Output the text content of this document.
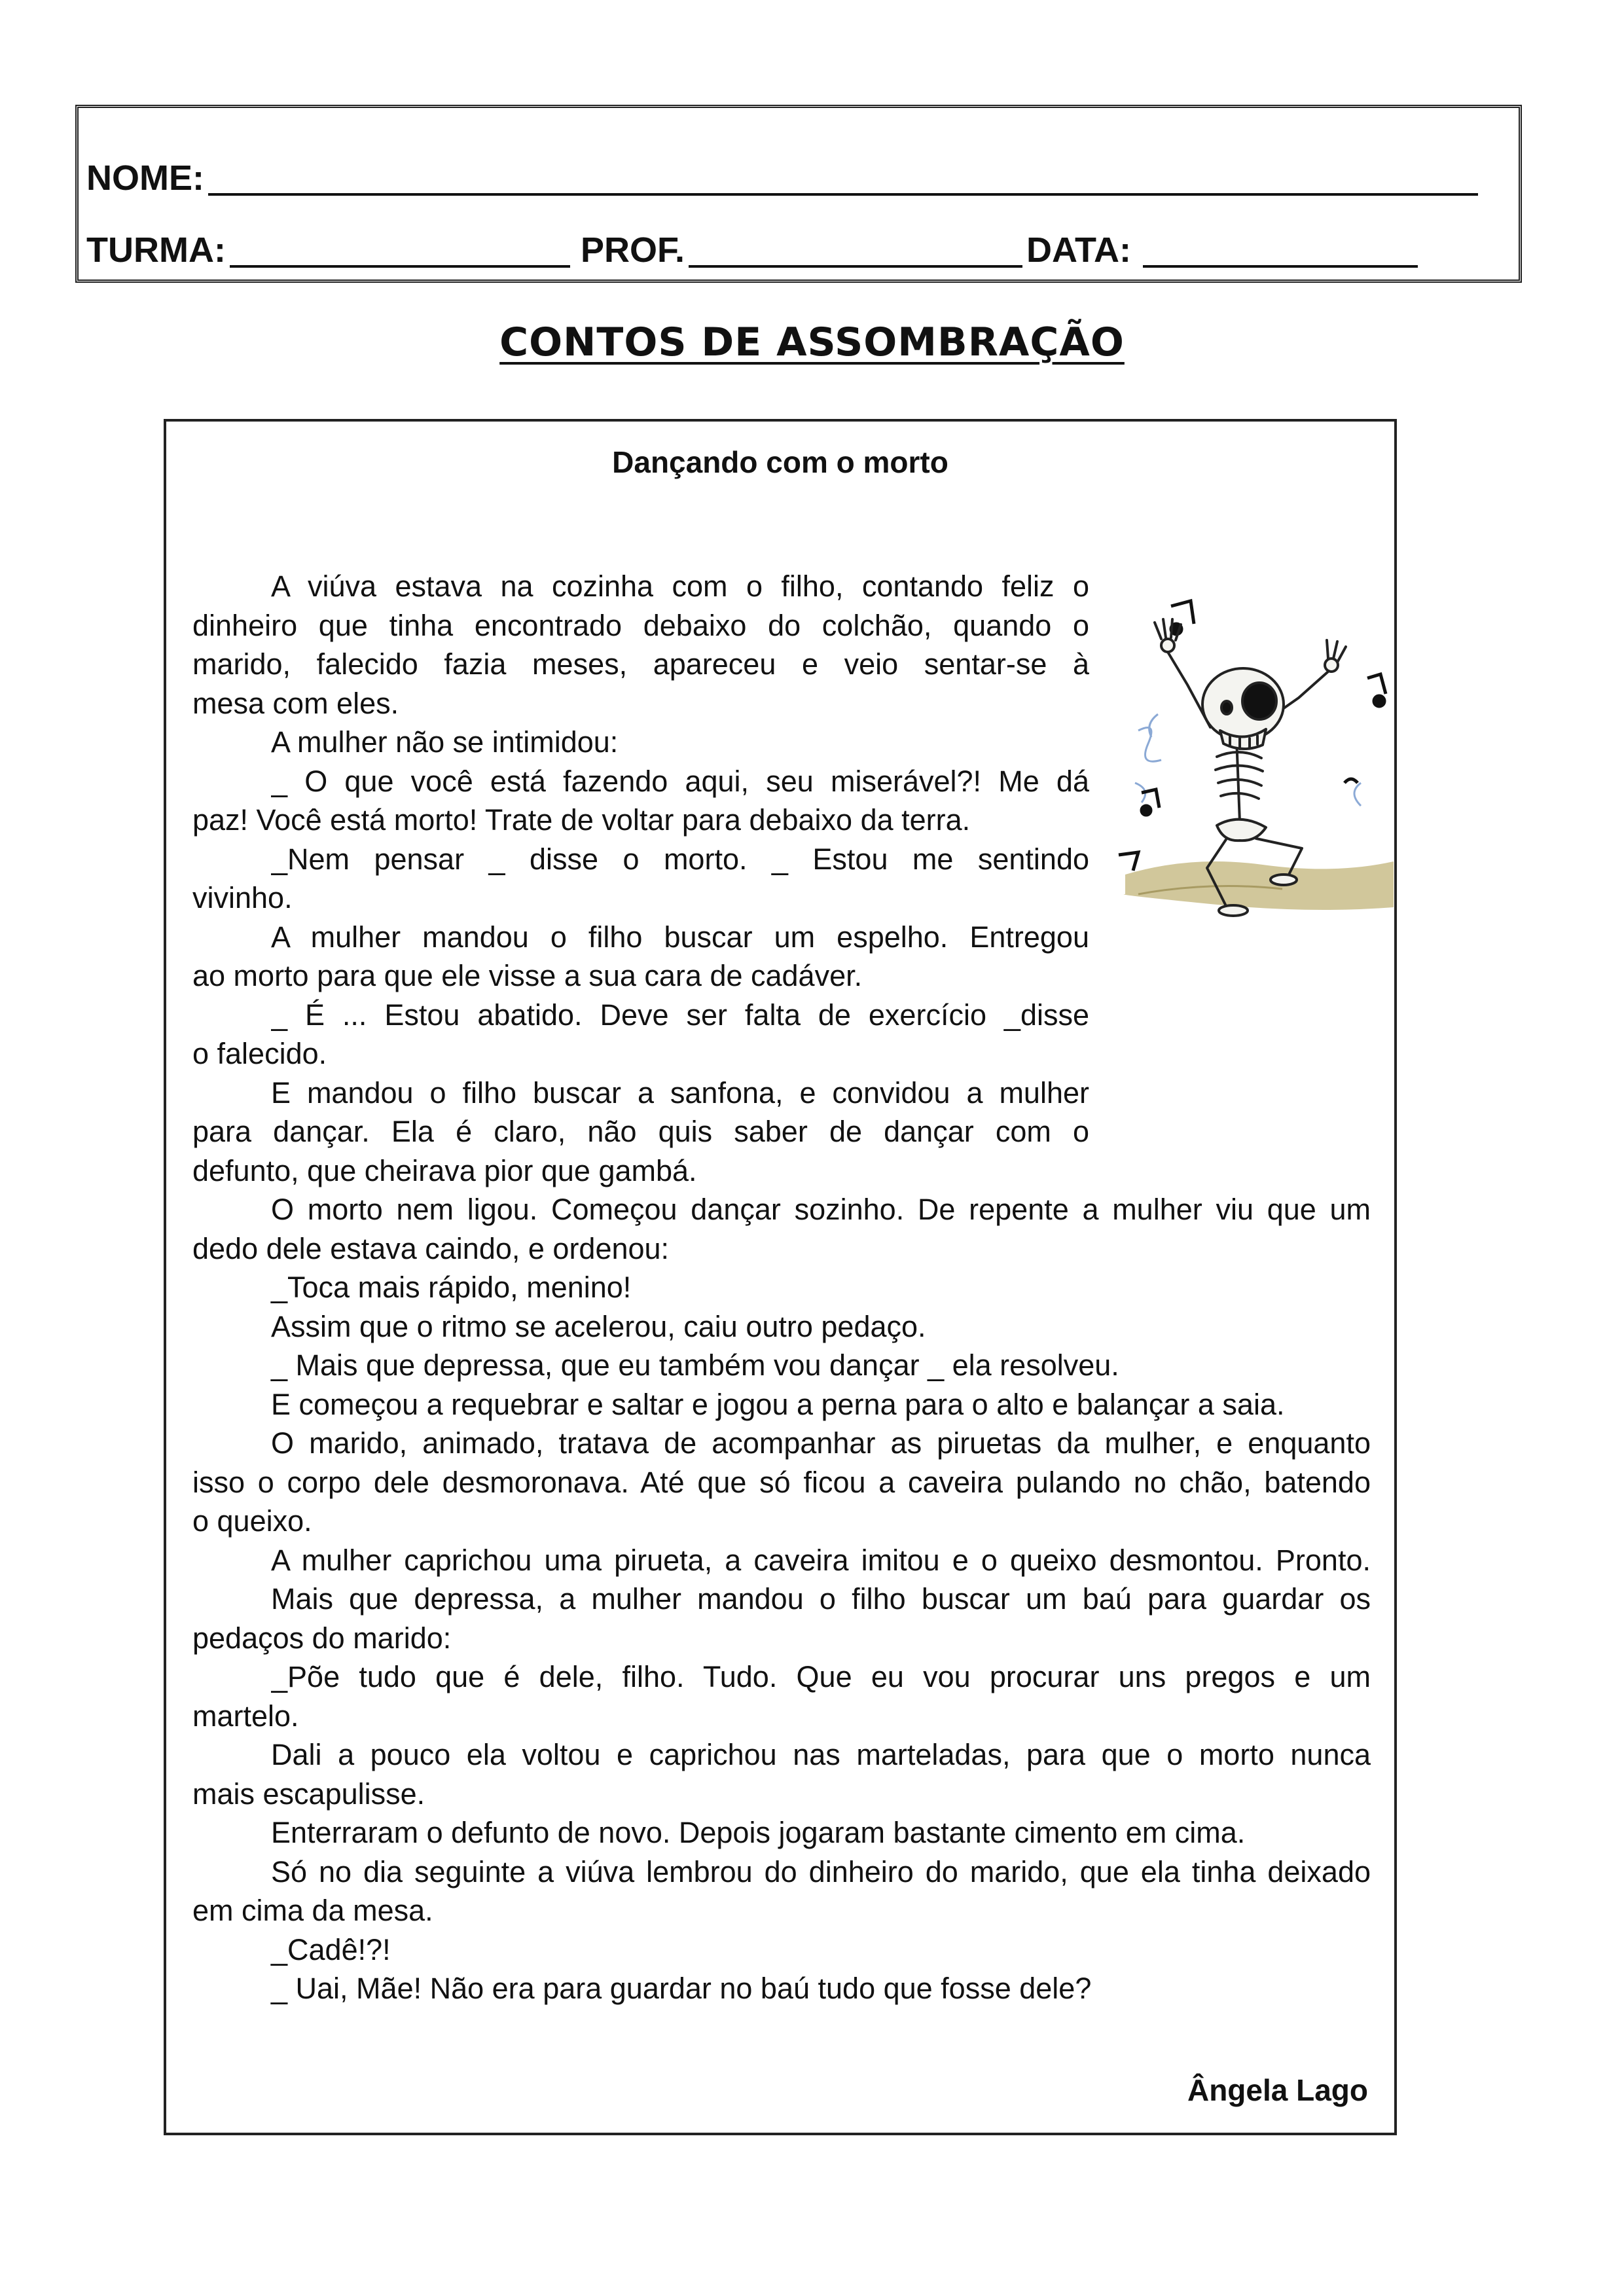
NOME:
TURMA:	PROF.	DATA:
CONTOS DE ASSOMBRAÇÃO
Dançando com o morto
A viúva estava na cozinha com o filho, contando feliz o
dinheiro que tinha encontrado debaixo do colchão, quando o
marido, falecido fazia meses, apareceu e veio sentar-se à
mesa com eles.
A mulher não se intimidou:
_ O que você está fazendo aqui, seu miserável?! Me dá
paz! Você está morto! Trate de voltar para debaixo da terra.
_Nem pensar _ disse o morto. _ Estou me sentindo
vivinho.
A mulher mandou o filho buscar um espelho. Entregou
ao morto para que ele visse a sua cara de cadáver.
_ É ... Estou abatido. Deve ser falta de exercício _disse
o falecido.
E mandou o filho buscar a sanfona, e convidou a mulher
para dançar. Ela é claro, não quis saber de dançar com o
defunto, que cheirava pior que gambá.
O morto nem ligou. Começou dançar sozinho. De repente a mulher viu que um
dedo dele estava caindo, e ordenou:
_Toca mais rápido, menino!
Assim que o ritmo se acelerou, caiu outro pedaço.
_ Mais que depressa, que eu também vou dançar _ ela resolveu.
E começou a requebrar e saltar e jogou a perna para o alto e balançar a saia.
O marido, animado, tratava de acompanhar as piruetas da mulher, e enquanto
isso o corpo dele desmoronava. Até que só ficou a caveira pulando no chão, batendo
o queixo.
A mulher caprichou uma pirueta, a caveira imitou e o queixo desmontou. Pronto.
Mais que depressa, a mulher mandou o filho buscar um baú para guardar os
pedaços do marido:
_Põe tudo que é dele, filho. Tudo. Que eu vou procurar uns pregos e um
martelo.
Dali a pouco ela voltou e caprichou nas marteladas, para que o morto nunca
mais escapulisse.
Enterraram o defunto de novo. Depois jogaram bastante cimento em cima.
Só no dia seguinte a viúva lembrou do dinheiro do marido, que ela tinha deixado
em cima da mesa.
_Cadê!?!
_ Uai, Mãe! Não era para guardar no baú tudo que fosse dele?
Ângela Lago
